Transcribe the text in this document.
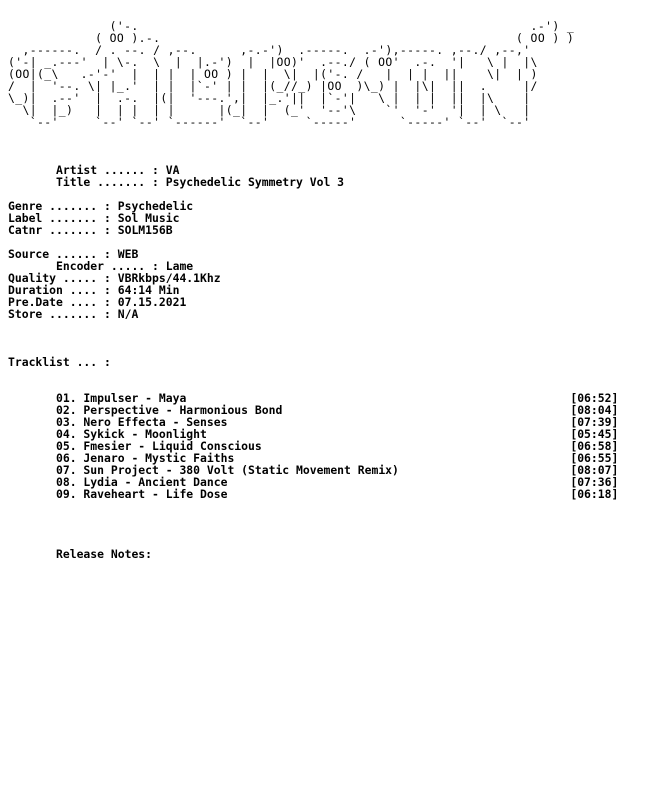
('-.                                                      .-') _
( OO ).-.                                                 ( OO ) )
,------.  / . --. / ,--.      ,-.-')  .-----.  .-'),-----. ,--./ ,--,'
('-| _.---'  | \-.  \  |  |.-')  |  |OO)'  .--./ ( OO'  .-.  '|   \ |  |\
(OO|(_\   .-'-'  |  | |  | OO ) |  |  \|  |('-. /   |  | |  ||    \|  | )
/  |  '--. \| |_.'  | |  |`-' | |  |(_//_) |OO  )\_) |  |\|  ||  .     |/
\_)|  .--'  |  .-.  |(|  '---.',|  |_.'||  |`-'|   \ |  | |  ||  |\    |
\|  |_)   |  | |  | |      |(_|  |  (_'  '--'\    `'  '-'  '|  | \   |
`--'     `--' `--' `------'  `--'     `-----'      `-----' `--'  `--'
Artist ...... : VA
Title ....... : Psychedelic Symmetry Vol 3
Genre ....... : Psychedelic
Label ....... : Sol Music
Catnr ....... : SOLM156B
Source ...... : WEB
Encoder ..... : Lame
Quality ..... : VBRkbps/44.1Khz
Duration .... : 64:14 Min
Pre.Date .... : 07.15.2021
Store ....... : N/A
Tracklist ... :
01. Impulser - Maya                                                        [06:52]
02. Perspective - Harmonious Bond                                          [08:04]
03. Nero Effecta - Senses                                                  [07:39]
04. Sykick - Moonlight                                                     [05:45]
05. Fmesier - Liquid Conscious                                             [06:58]
06. Jenaro - Mystic Faiths                                                 [06:55]
07. Sun Project - 380 Volt (Static Movement Remix)                         [08:07]
08. Lydia - Ancient Dance                                                  [07:36]
09. Raveheart - Life Dose                                                  [06:18]
Release Notes:
